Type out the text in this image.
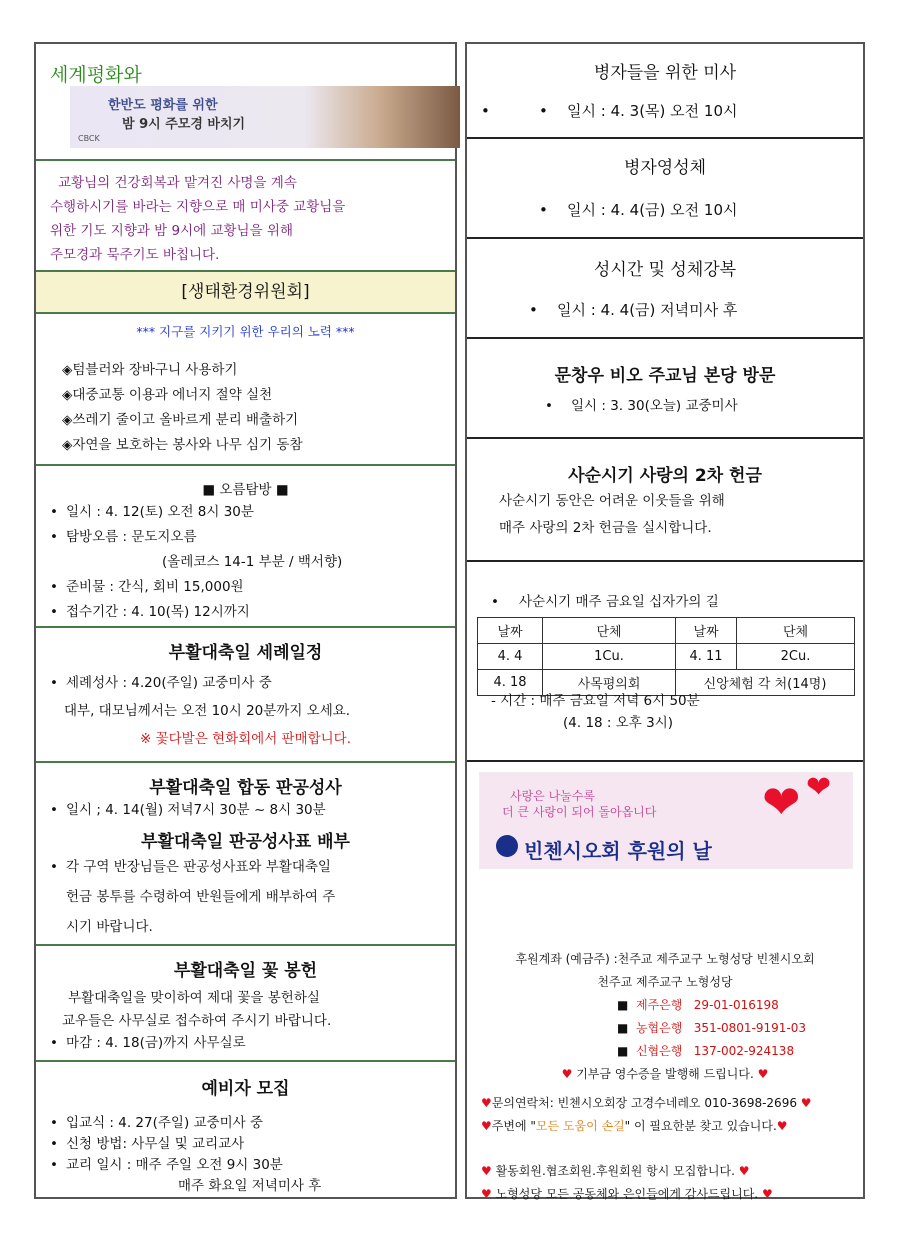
세계평화와
한반도 평화를 위한
밤 9시 주모경 바치기
CBCK
교황님의 건강회복과 맡겨진 사명을 계속
수행하시기를 바라는 지향으로 매 미사중 교황님을
위한 기도 지향과 밤 9시에 교황님을 위해
주모경과 묵주기도 바칩니다.
[생태환경위원회]
*** 지구를 지키기 위한 우리의 노력 ***
◈텀블러와 장바구니 사용하기
◈대중교통 이용과 에너지 절약 실천
◈쓰레기 줄이고 올바르게 분리 배출하기
◈자연을 보호하는 봉사와 나무 심기 동참
■ 오름탐방 ■
• 일시 : 4. 12(토) 오전 8시 30분
• 탐방오름 : 문도지오름
(올레코스 14-1 부분 / 백서향)
• 준비물 : 간식, 회비 15,000원
• 접수기간 : 4. 10(목) 12시까지
부활대축일 세례일정
• 세례성사 : 4.20(주일) 교중미사 중
대부, 대모님께서는 오전 10시 20분까지 오세요.
※ 꽃다발은 현화회에서 판매합니다.
부활대축일 합동 판공성사
• 일시 ; 4. 14(월) 저녁7시 30분 ~ 8시 30분
부활대축일 판공성사표 배부
• 각 구역 반장님들은 판공성사표와 부활대축일
헌금 봉투를 수령하여 반원들에게 배부하여 주
시기 바랍니다.
부활대축일 꽃 봉헌
부활대축일을 맞이하여 제대 꽃을 봉헌하실
교우들은 사무실로 접수하여 주시기 바랍니다.
• 마감 : 4. 18(금)까지 사무실로
예비자 모집
• 입교식 : 4. 27(주일) 교중미사 중
• 신청 방법: 사무실 및 교리교사
• 교리 일시 : 매주 주일 오전 9시 30분
매주 화요일 저녁미사 후
병자들을 위한 미사
• • 일시 : 4. 3(목) 오전 10시
병자영성체
• 일시 : 4. 4(금) 오전 10시
성시간 및 성체강복
• 일시 : 4. 4(금) 저녁미사 후
문창우 비오 주교님 본당 방문
• 일시 : 3. 30(오늘) 교중미사
사순시기 사랑의 2차 헌금
사순시기 동안은 어려운 이웃들을 위해
매주 사랑의 2차 헌금을 실시합니다.
• 사순시기 매주 금요일 십자가의 길
날짜	단체	날짜	단체
4. 4	1Cu.	4. 11	2Cu.
4. 18	사목평의회	신앙체험 각 처(14명)	
- 시간 : 매주 금요일 저녁 6시 50분
(4. 18 : 오후 3시)
사랑은 나눌수록
더 큰 사랑이 되어 돌아옵니다 ❤ ❤
빈첸시오회 후원의 날
후원계좌 (예금주) :천주교 제주교구 노형성당 빈첸시오회
천주교 제주교구 노형성당
■  제주은행 29-01-016198
■  농협은행 351-0801-9191-03
■  신협은행 137-002-924138
♥ 기부금 영수증을 발행해 드립니다. ♥
♥문의연락처: 빈첸시오회장 고경수네레오 010-3698-2696 ♥
♥주변에 "모든 도움이 손길" 이 필요한분 찾고 있습니다.♥
♥ 활동회원.협조회원.후원회원 항시 모집합니다. ♥
♥ 노형성당 모든 공동체와 은인들에게 감사드립니다. ♥
